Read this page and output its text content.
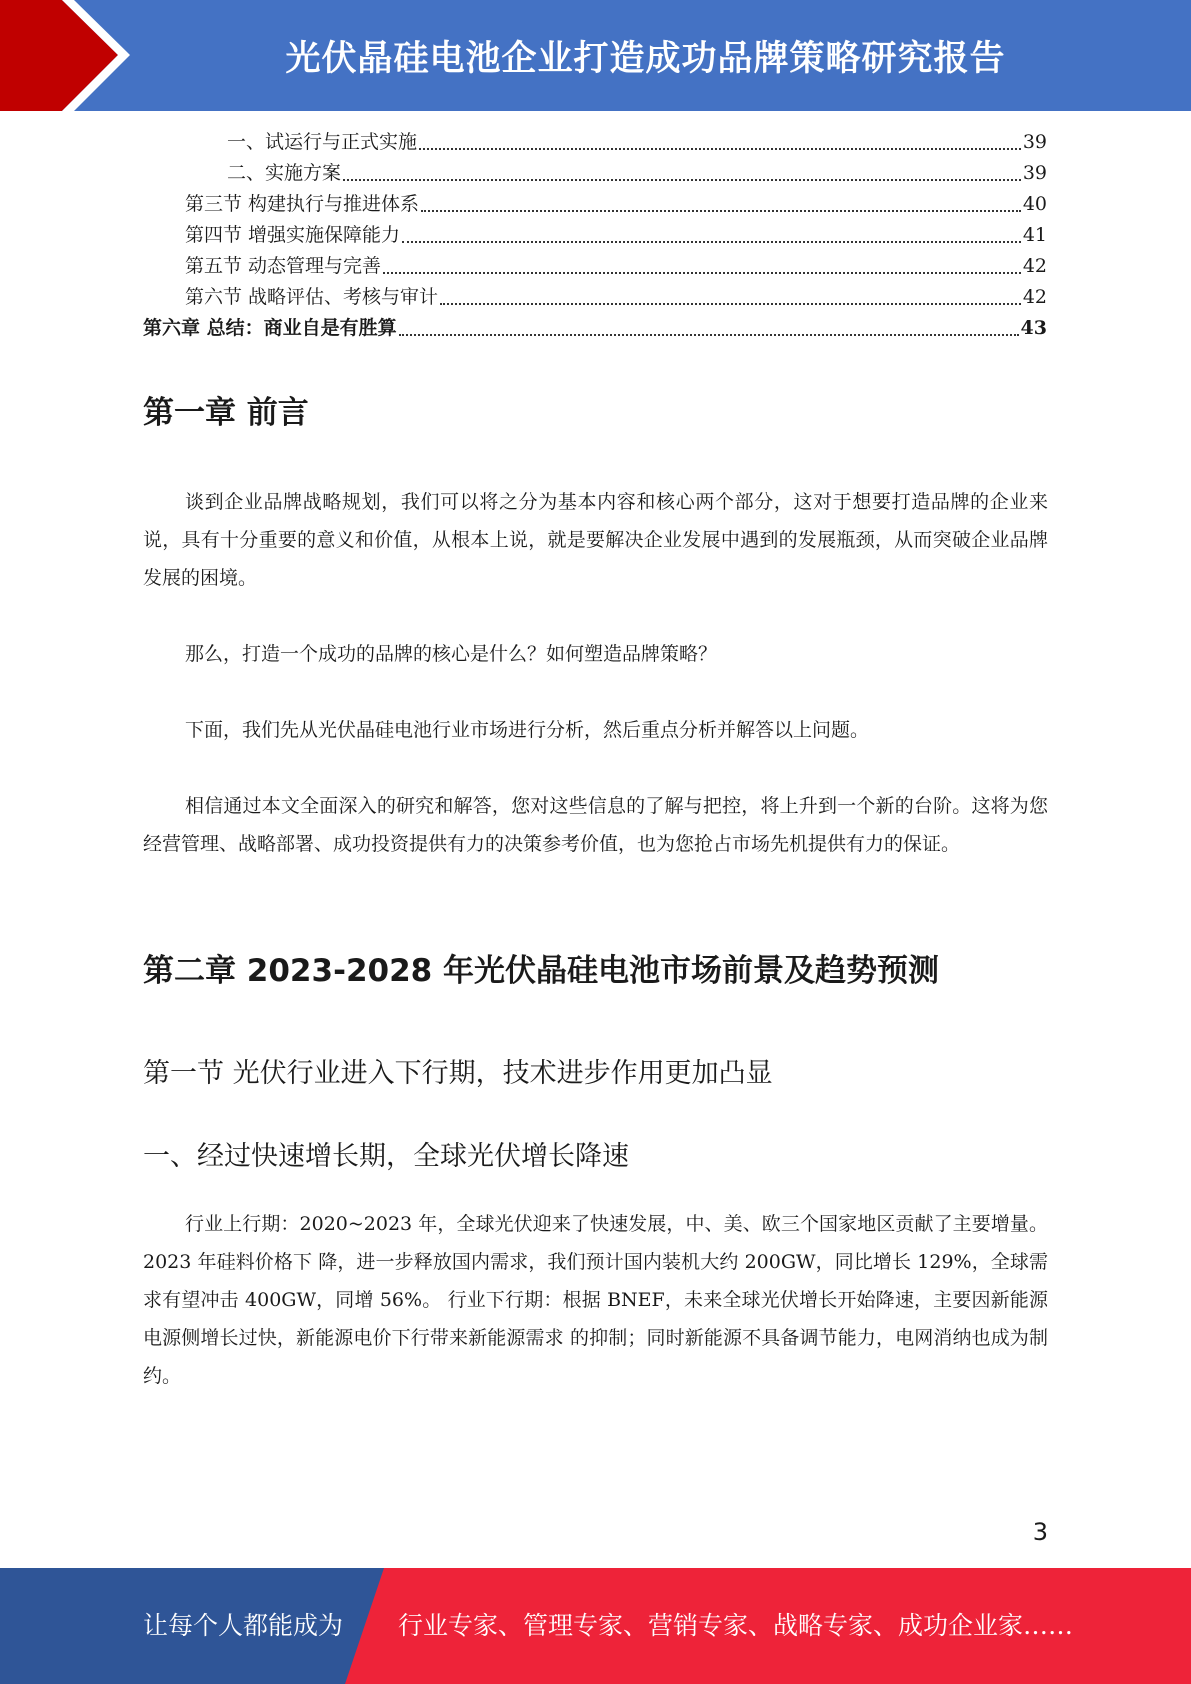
光伏晶硅电池企业打造成功品牌策略研究报告
一、试运行与正式实施	39
二、实施方案	39
第三节 构建执行与推进体系	40
第四节 增强实施保障能力	41
第五节 动态管理与完善	42
第六节 战略评估、考核与审计	42
第六章 总结：商业自是有胜算	43
第一章 前言
谈到企业品牌战略规划，我们可以将之分为基本内容和核心两个部分，这对于想要打造品牌的企业来说，具有十分重要的意义和价值，从根本上说，就是要解决企业发展中遇到的发展瓶颈，从而突破企业品牌发展的困境。
那么，打造一个成功的品牌的核心是什么？如何塑造品牌策略？
下面，我们先从光伏晶硅电池行业市场进行分析，然后重点分析并解答以上问题。
相信通过本文全面深入的研究和解答，您对这些信息的了解与把控，将上升到一个新的台阶。这将为您经营管理、战略部署、成功投资提供有力的决策参考价值，也为您抢占市场先机提供有力的保证。
第二章 2023-2028 年光伏晶硅电池市场前景及趋势预测
第一节 光伏行业进入下行期，技术进步作用更加凸显
一、经过快速增长期，全球光伏增长降速
行业上行期：2020~2023 年，全球光伏迎来了快速发展，中、美、欧三个国家地区贡献了主要增量。2023 年硅料价格下 降，进一步释放国内需求，我们预计国内装机大约 200GW，同比增长 129%，全球需求有望冲击 400GW，同增 56%。 行业下行期：根据 BNEF，未来全球光伏增长开始降速，主要因新能源电源侧增长过快，新能源电价下行带来新能源需求 的抑制；同时新能源不具备调节能力，电网消纳也成为制约。
3
让每个人都能成为 行业专家、管理专家、营销专家、战略专家、成功企业家……
